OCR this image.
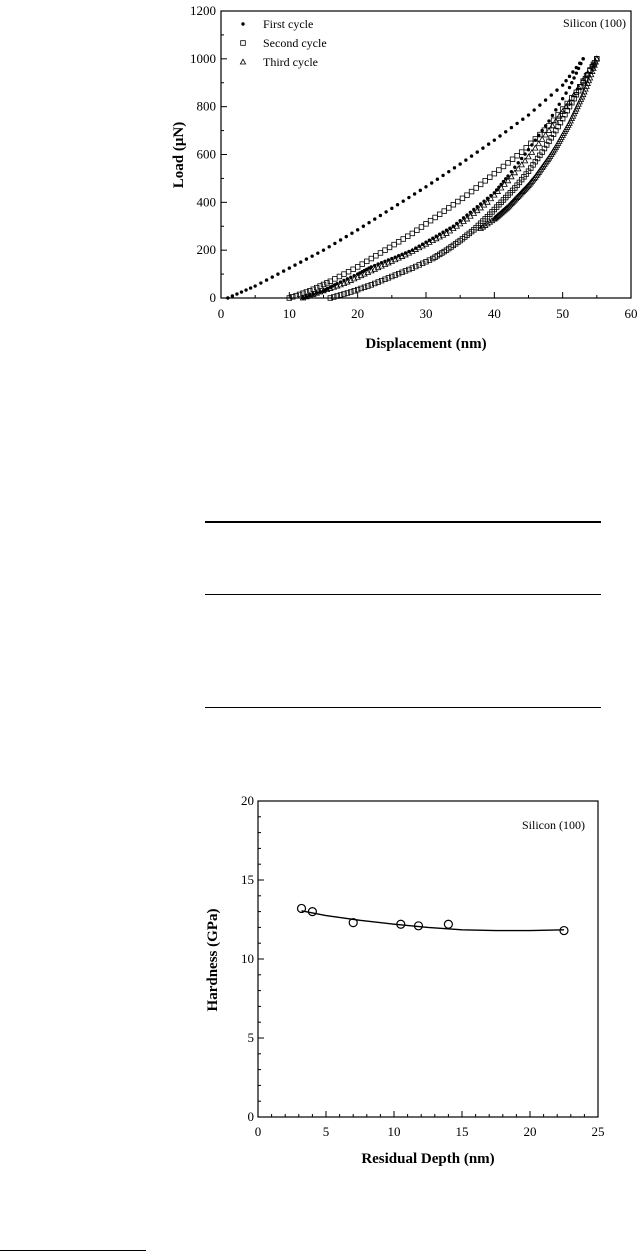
0
200
400
600
800
1000
1200
0	10	20	30	40	50	60
First cycle
Second cycle
Third cycle
Silicon (100)
Displacement (nm)
Load (μN)
0
5
10
15
20
0	5	10	15	20	25
Silicon (100)
Residual Depth (nm)
Hardness (GPa)
